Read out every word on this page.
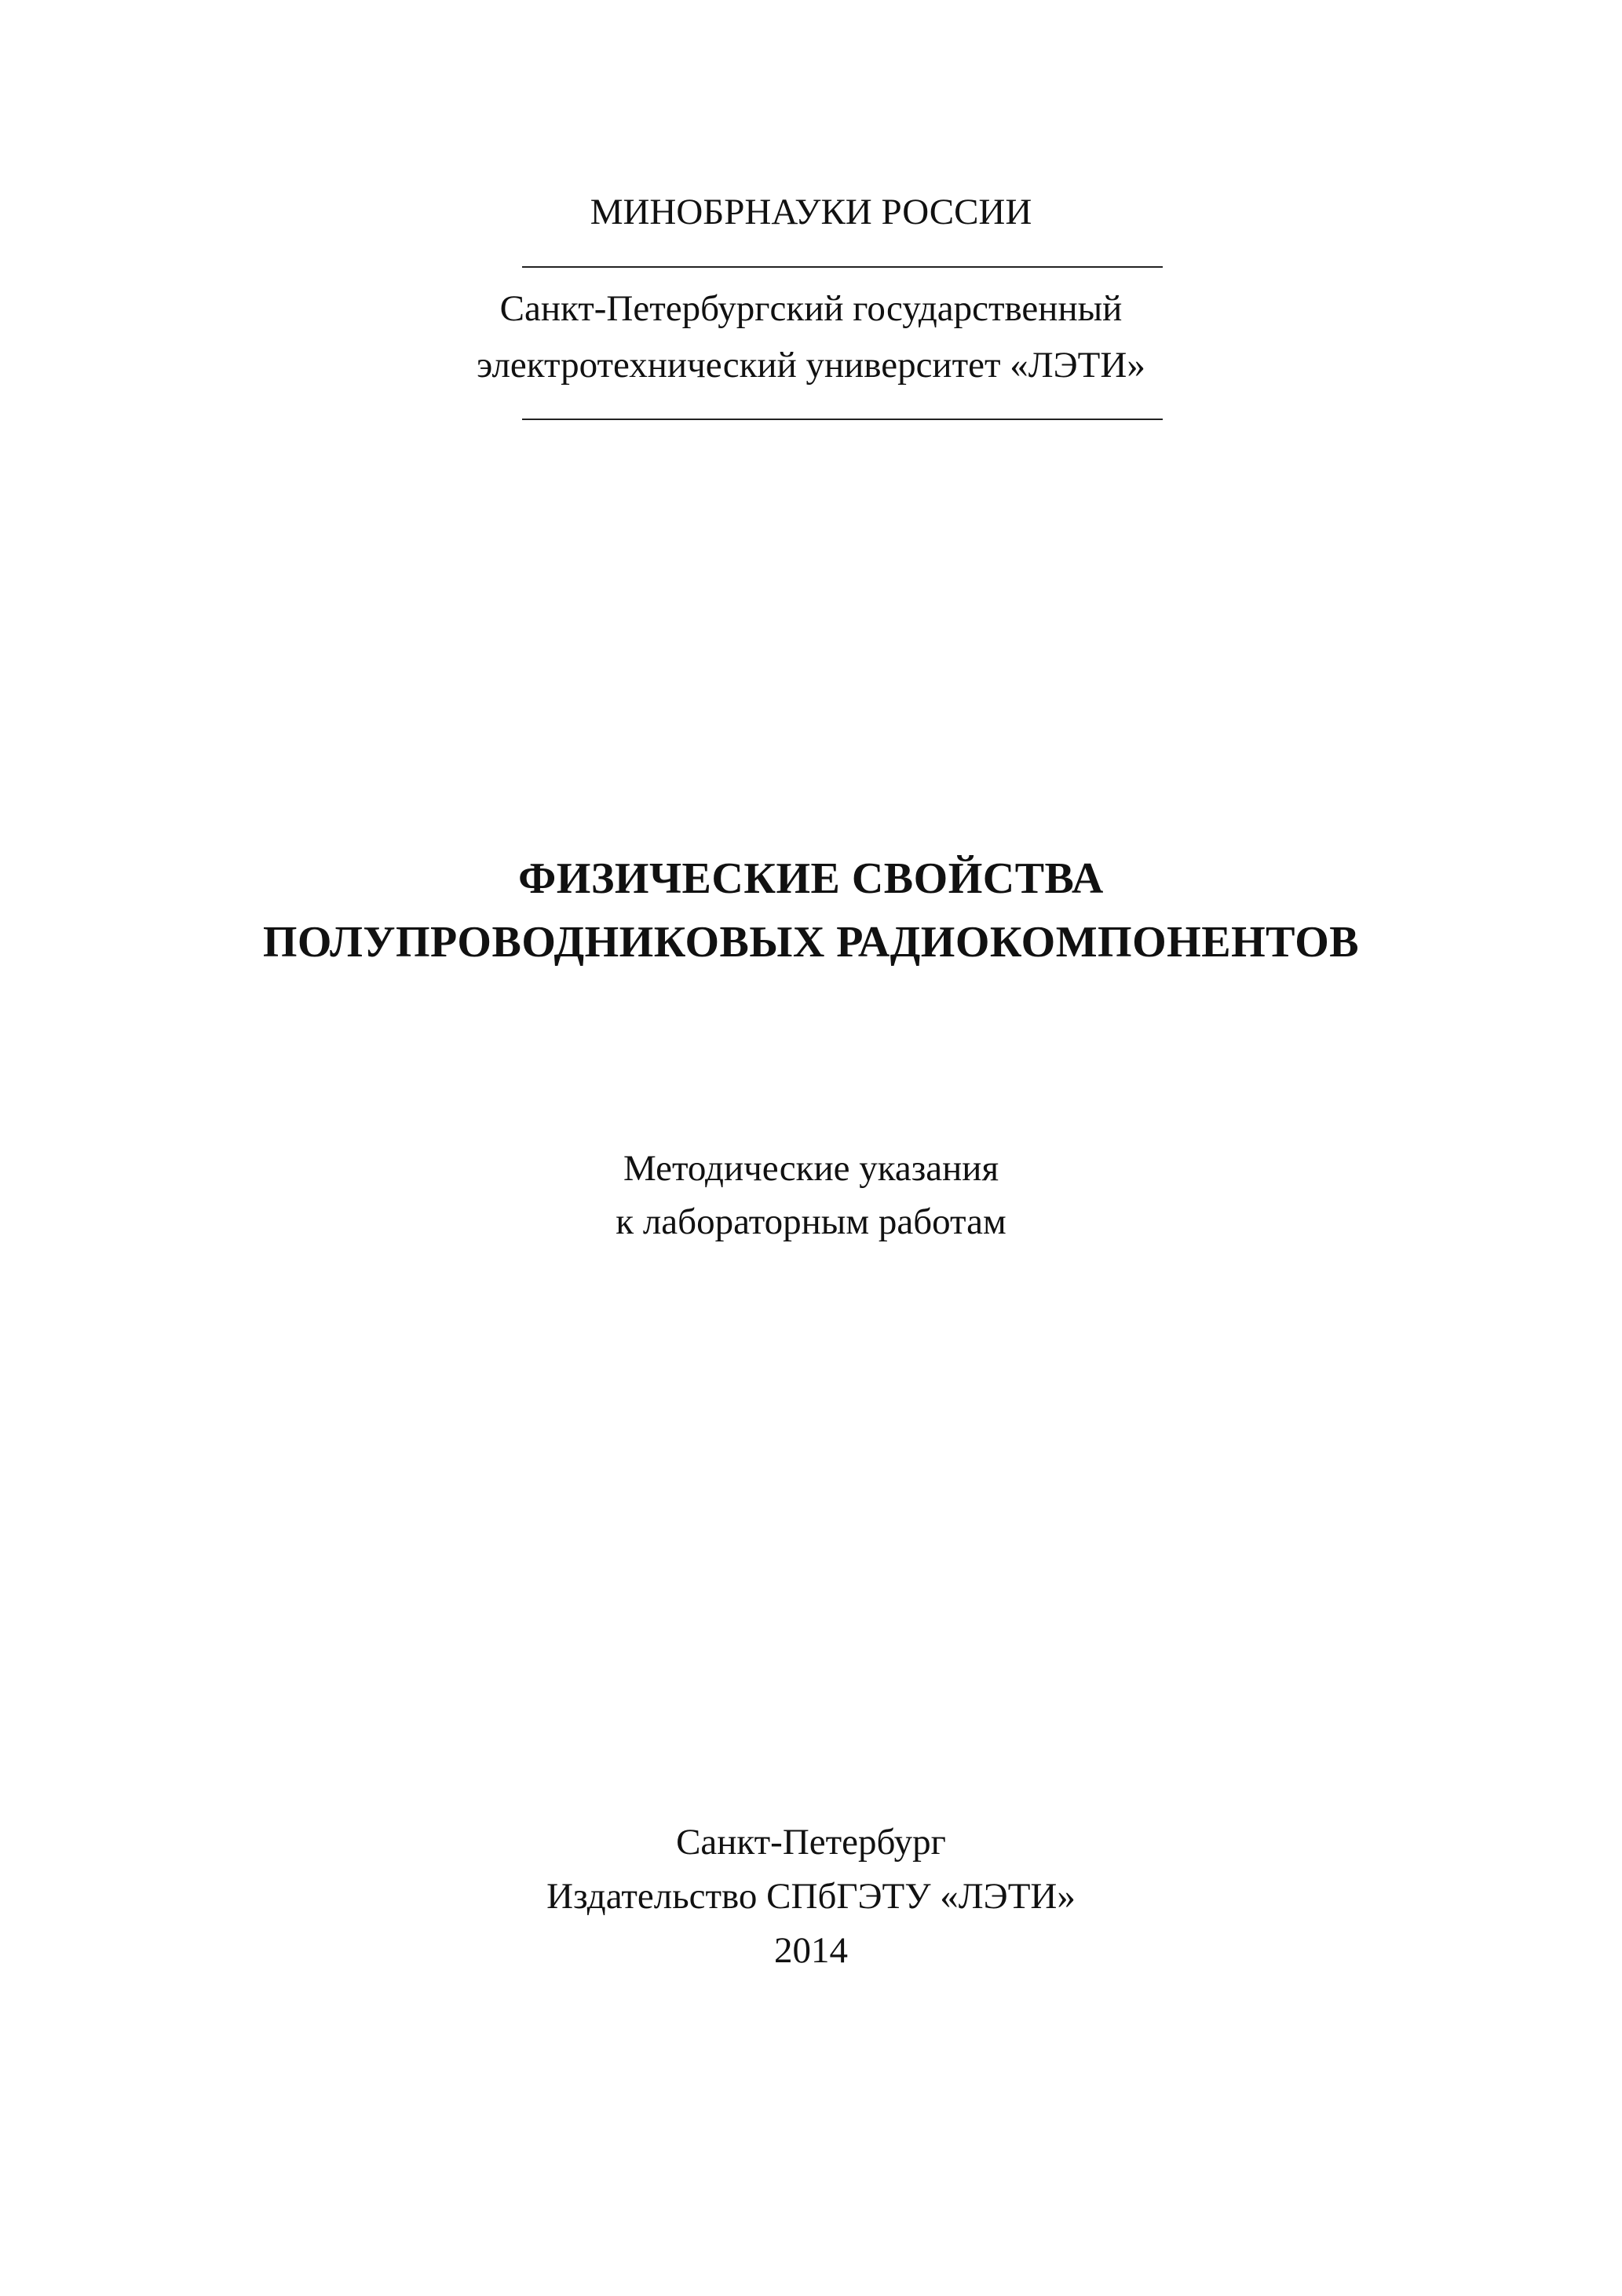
МИНОБРНАУКИ РОССИИ
Санкт-Петербургский государственный
электротехнический университет «ЛЭТИ»
ФИЗИЧЕСКИЕ СВОЙСТВА
ПОЛУПРОВОДНИКОВЫХ РАДИОКОМПОНЕНТОВ
Методические указания
к лабораторным работам
Санкт-Петербург
Издательство СПбГЭТУ «ЛЭТИ»
2014
